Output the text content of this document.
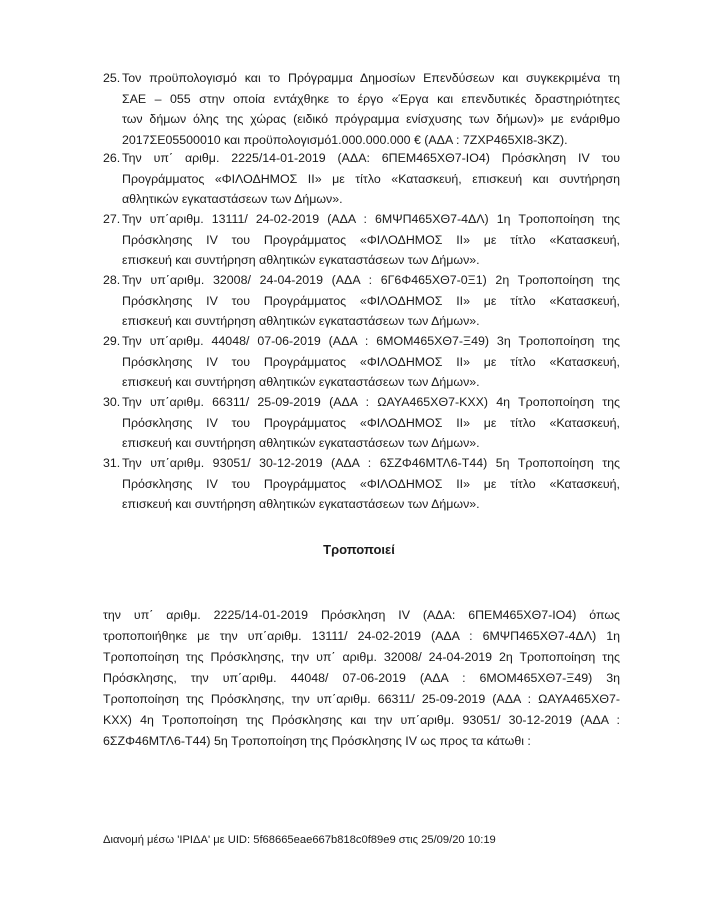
25. Τον προϋπολογισμό και το Πρόγραμμα Δημοσίων Επενδύσεων και συγκεκριμένα τη
ΣΑΕ – 055 στην οποία εντάχθηκε το έργο «Έργα και επενδυτικές δραστηριότητες
των δήμων όλης της χώρας (ειδικό πρόγραμμα ενίσχυσης των δήμων)» με ενάριθμο
2017ΣΕ05500010 και προϋπολογισμό1.000.000.000 € (ΑΔΑ : 7ΖΧΡ465ΧΙ8-3ΚΖ).
26. Την υπ΄ αριθμ. 2225/14-01-2019 (ΑΔΑ: 6ΠΕΜ465ΧΘ7-ΙΟ4) Πρόσκληση IV του
Προγράμματος «ΦΙΛΟΔΗΜΟΣ ΙΙ» με τίτλο «Κατασκευή, επισκευή και συντήρηση
αθλητικών εγκαταστάσεων των Δήμων».
27. Την υπ΄αριθμ. 13111/ 24-02-2019 (ΑΔΑ : 6ΜΨΠ465ΧΘ7-4ΔΛ) 1η Τροποποίηση της
Πρόσκλησης IV του Προγράμματος «ΦΙΛΟΔΗΜΟΣ ΙΙ» με τίτλο «Κατασκευή,
επισκευή και συντήρηση αθλητικών εγκαταστάσεων των Δήμων».
28. Την υπ΄αριθμ. 32008/ 24-04-2019 (ΑΔΑ : 6Γ6Φ465ΧΘ7-0Ξ1) 2η Τροποποίηση της
Πρόσκλησης IV του Προγράμματος «ΦΙΛΟΔΗΜΟΣ ΙΙ» με τίτλο «Κατασκευή,
επισκευή και συντήρηση αθλητικών εγκαταστάσεων των Δήμων».
29. Την υπ΄αριθμ. 44048/ 07-06-2019 (ΑΔΑ : 6ΜΟΜ465ΧΘ7-Ξ49) 3η Τροποποίηση της
Πρόσκλησης IV του Προγράμματος «ΦΙΛΟΔΗΜΟΣ ΙΙ» με τίτλο «Κατασκευή,
επισκευή και συντήρηση αθλητικών εγκαταστάσεων των Δήμων».
30. Την υπ΄αριθμ. 66311/ 25-09-2019 (ΑΔΑ : ΩΑΥΑ465ΧΘ7-ΚΧΧ) 4η Τροποποίηση της
Πρόσκλησης IV του Προγράμματος «ΦΙΛΟΔΗΜΟΣ ΙΙ» με τίτλο «Κατασκευή,
επισκευή και συντήρηση αθλητικών εγκαταστάσεων των Δήμων».
31. Την υπ΄αριθμ. 93051/ 30-12-2019 (ΑΔΑ : 6ΣΖΦ46ΜΤΛ6-Τ44) 5η Τροποποίηση της
Πρόσκλησης IV του Προγράμματος «ΦΙΛΟΔΗΜΟΣ ΙΙ» με τίτλο «Κατασκευή,
επισκευή και συντήρηση αθλητικών εγκαταστάσεων των Δήμων».
Τροποποιεί
την υπ΄ αριθμ. 2225/14-01-2019 Πρόσκληση IV (ΑΔΑ: 6ΠΕΜ465ΧΘ7-ΙΟ4) όπως
τροποποιήθηκε με την υπ΄αριθμ. 13111/ 24-02-2019 (ΑΔΑ : 6ΜΨΠ465ΧΘ7-4ΔΛ) 1η
Τροποποίηση της Πρόσκλησης, την υπ΄ αριθμ. 32008/ 24-04-2019 2η Τροποποίηση της
Πρόσκλησης, την υπ΄αριθμ. 44048/ 07-06-2019 (ΑΔΑ : 6ΜΟΜ465ΧΘ7-Ξ49) 3η
Τροποποίηση της Πρόσκλησης, την υπ΄αριθμ. 66311/ 25-09-2019 (ΑΔΑ : ΩΑΥΑ465ΧΘ7-
ΚΧΧ) 4η Τροποποίηση της Πρόσκλησης και την υπ΄αριθμ. 93051/ 30-12-2019 (ΑΔΑ :
6ΣΖΦ46ΜΤΛ6-Τ44) 5η Τροποποίηση της Πρόσκλησης IV ως προς τα κάτωθι :
Διανομή μέσω 'ΙΡΙΔΑ' με UID: 5f68665eae667b818c0f89e9 στις 25/09/20 10:19
